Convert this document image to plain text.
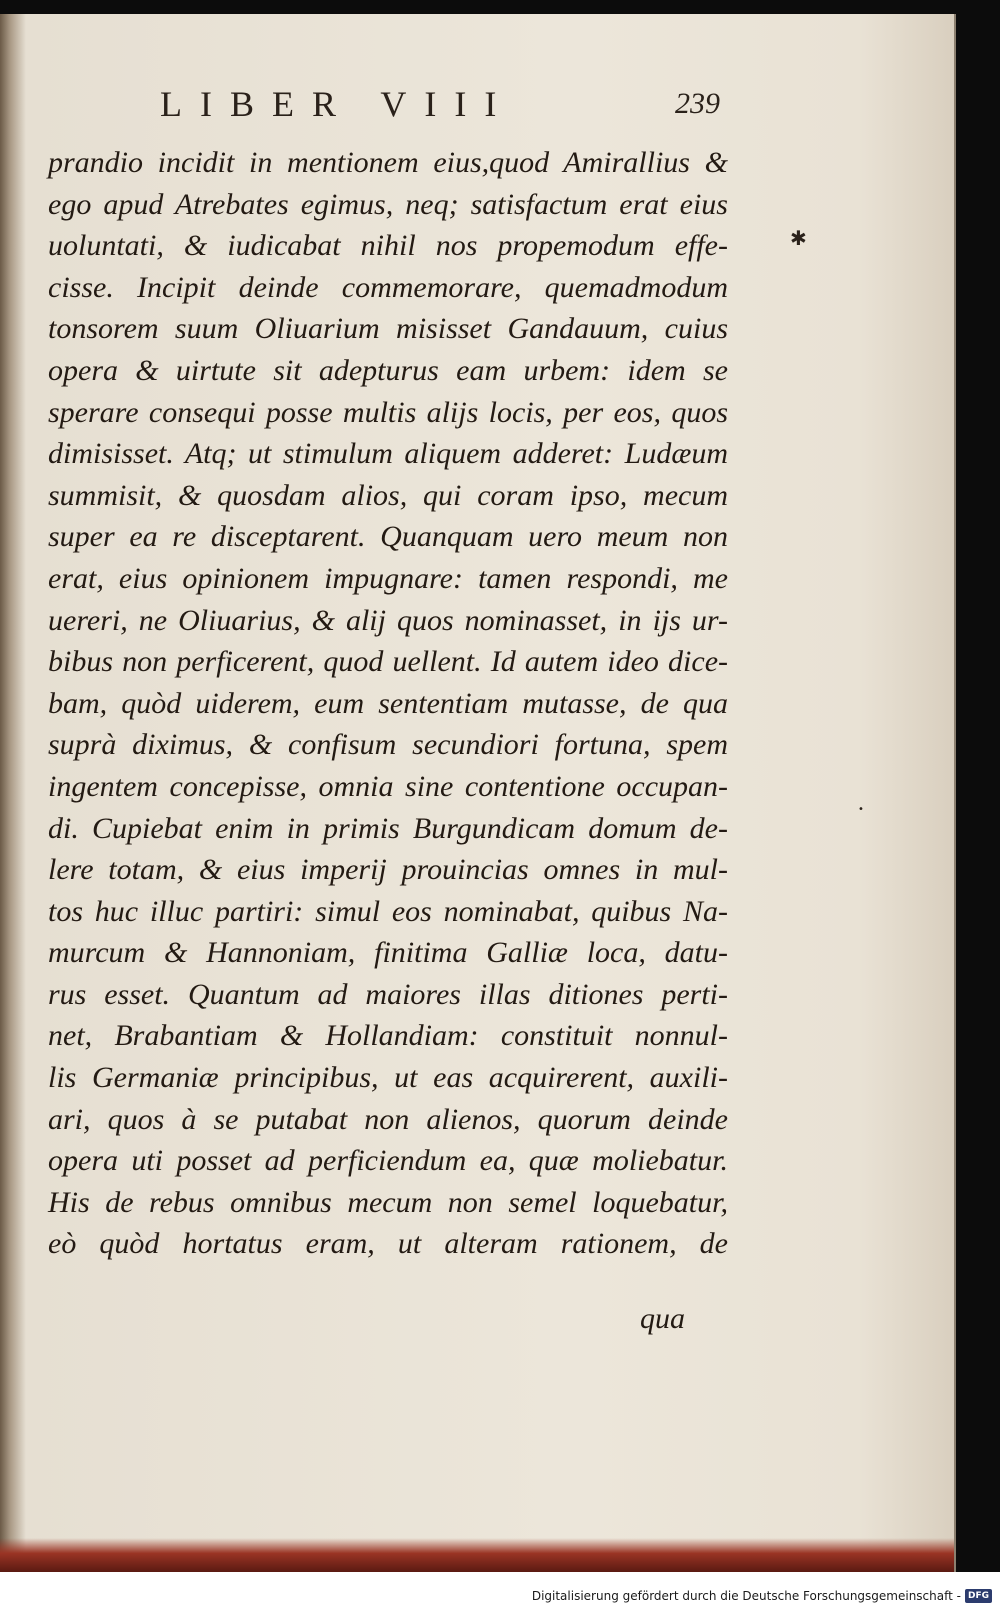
LIBER VIII	239
prandio incidit in mentionem eius,quod Amirallius &
ego apud Atrebates egimus, neq; satisfactum erat eius
uoluntati, & iudicabat nihil nos propemodum effe-
cisse. Incipit deinde commemorare, quemadmodum
tonsorem suum Oliuarium misisset Gandauum, cuius
opera & uirtute sit adepturus eam urbem: idem se
sperare consequi posse multis alijs locis, per eos, quos
dimisisset. Atq; ut stimulum aliquem adderet: Ludæum
summisit, & quosdam alios, qui coram ipso, mecum
super ea re disceptarent. Quanquam uero meum non
erat, eius opinionem impugnare: tamen respondi, me
uereri, ne Oliuarius, & alij quos nominasset, in ijs ur-
bibus non perficerent, quod uellent. Id autem ideo dice-
bam, quòd uiderem, eum sententiam mutasse, de qua
suprà diximus, & confisum secundiori fortuna, spem
ingentem concepisse, omnia sine contentione occupan-
di. Cupiebat enim in primis Burgundicam domum de-
lere totam, & eius imperij prouincias omnes in mul-
tos huc illuc partiri: simul eos nominabat, quibus Na-
murcum & Hannoniam, finitima Galliæ loca, datu-
rus esset. Quantum ad maiores illas ditiones perti-
net, Brabantiam & Hollandiam: constituit nonnul-
lis Germaniæ principibus, ut eas acquirerent, auxili-
ari, quos à se putabat non alienos, quorum deinde
opera uti posset ad perficiendum ea, quæ moliebatur.
His de rebus omnibus mecum non semel loquebatur,
eò quòd hortatus eram, ut alteram rationem, de
qua
✱
•
Digitalisierung gefördert durch die Deutsche Forschungsgemeinschaft - DFG
